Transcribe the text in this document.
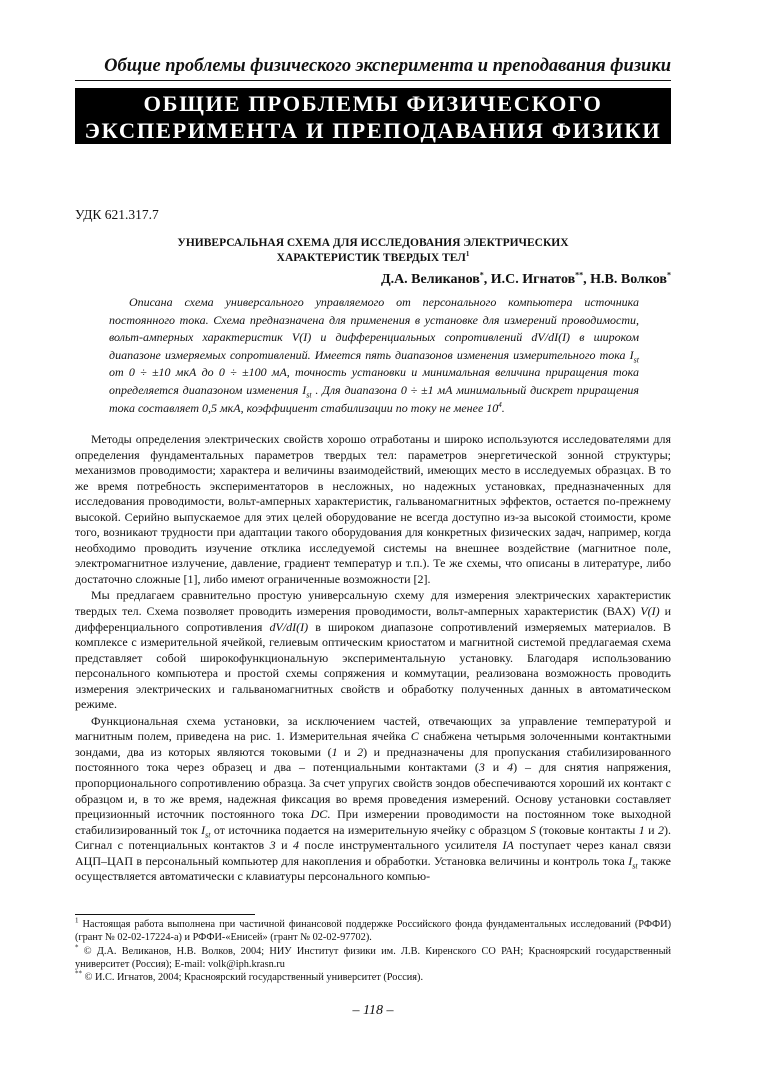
Общие проблемы физического эксперимента и преподавания физики
ОБЩИЕ ПРОБЛЕМЫ ФИЗИЧЕСКОГО
ЭКСПЕРИМЕНТА И ПРЕПОДАВАНИЯ ФИЗИКИ
УДК 621.317.7
УНИВЕРСАЛЬНАЯ СХЕМА ДЛЯ ИССЛЕДОВАНИЯ ЭЛЕКТРИЧЕСКИХ
ХАРАКТЕРИСТИК ТВЕРДЫХ ТЕЛ$^1$
Д.А. Великанов*, И.С. Игнатов**, Н.В. Волков*

Описана схема универсального управляемого от персонального компьютера источника постоянного тока. Схема предназначена для применения в установке для измерений проводимости, вольт-амперных характеристик V(I) и дифференциальных сопротивлений dV/dI(I) в широком диапазоне измеряемых сопротивлений. Имеется пять диапазонов изменения измерительного тока $I_{st}$ от 0 ÷ ±10 мкА до 0 ÷ ±100 мА, точность установки и минимальная величина приращения тока определяется диапазоном изменения $I_{st}$ . Для диапазона 0 ÷ ±1 мА минимальный дискрет приращения тока составляет 0,5 мкА, коэффициент стабилизации по току не менее $10^4$.

Методы определения электрических свойств хорошо отработаны и широко используются исследователями для определения фундаментальных параметров твердых тел: параметров энергетической зонной структуры; механизмов проводимости; характера и величины взаимодействий, имеющих место в исследуемых образцах. В то же время потребность экспериментаторов в несложных, но надежных установках, предназначенных для исследования проводимости, вольт-амперных характеристик, гальваномагнитных эффектов, остается по-прежнему высокой. Серийно выпускаемое для этих целей оборудование не всегда доступно из-за высокой стоимости, кроме того, возникают трудности при адаптации такого оборудования для конкретных физических задач, например, когда необходимо проводить изучение отклика исследуемой системы на внешнее воздействие (магнитное поле, электромагнитное излучение, давление, градиент температур и т.п.). Те же схемы, что описаны в литературе, либо достаточно сложные [1], либо имеют ограниченные возможности [2].

Мы предлагаем сравнительно простую универсальную схему для измерения электрических характеристик твердых тел. Схема позволяет проводить измерения проводимости, вольт-амперных характеристик (ВАХ) V(I) и дифференциального сопротивления dV/dI(I) в широком диапазоне сопротивлений измеряемых материалов. В комплексе с измерительной ячейкой, гелиевым оптическим криостатом и магнитной системой предлагаемая схема представляет собой широкофункциональную экспериментальную установку. Благодаря использованию персонального компьютера и простой схемы сопряжения и коммутации, реализована возможность проводить измерения электрических и гальваномагнитных свойств и обработку полученных данных в автоматическом режиме.

Функциональная схема установки, за исключением частей, отвечающих за управление температурой и магнитным полем, приведена на рис. 1. Измерительная ячейка C снабжена четырьмя золоченными контактными зондами, два из которых являются токовыми (1 и 2) и предназначены для пропускания стабилизированного постоянного тока через образец и два – потенциальными контактами (3 и 4) – для снятия напряжения, пропорционального сопротивлению образца. За счет упругих свойств зондов обеспечиваются хороший их контакт с образцом и, в то же время, надежная фиксация во время проведения измерений. Основу установки составляет прецизионный источник постоянного тока DC. При измерении проводимости на постоянном токе выходной стабилизированный ток $I_{st}$ от источника подается на измерительную ячейку с образцом S (токовые контакты 1 и 2). Сигнал с потенциальных контактов 3 и 4 после инструментального усилителя IA поступает через канал связи АЦП–ЦАП в персональный компьютер для накопления и обработки. Установка величины и контроль тока $I_{st}$ также осуществляется автоматически с клавиатуры персонального компью-

$^1$ Настоящая работа выполнена при частичной финансовой поддержке Российского фонда фундаментальных исследований (РФФИ) (грант № 02-02-17224-а) и РФФИ-«Енисей» (грант № 02-02-97702).

* © Д.А. Великанов, Н.В. Волков, 2004; НИУ Институт физики им. Л.В. Киренского СО РАН; Красноярский государственный университет (Россия); E-mail: volk@iph.krasn.ru

** © И.С. Игнатов, 2004; Красноярский государственный университет (Россия).

– 118 –
